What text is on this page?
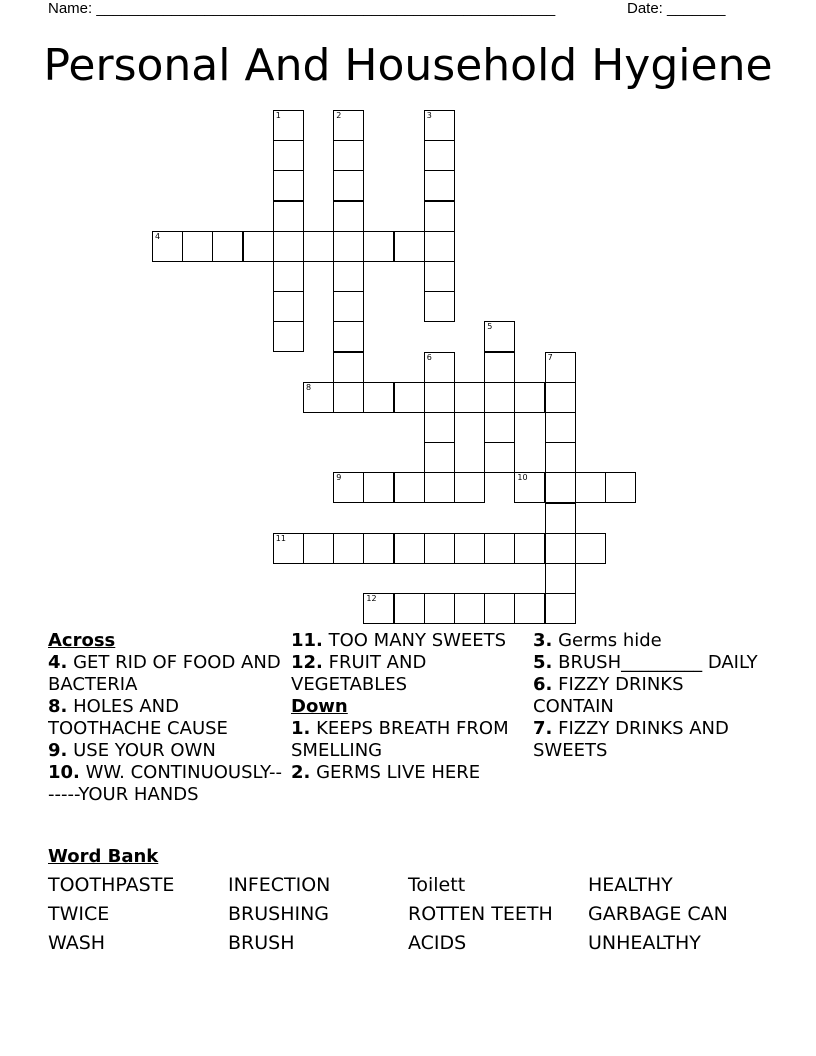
Name: _______________________________________________________	Date: _______
Personal And Household Hygiene
1	2	3
4
5
6	7
8
9	10
11
12
Across
4. GET RID OF FOOD AND BACTERIA
8. HOLES AND TOOTHACHE CAUSE
9. USE YOUR OWN
10. WW. CONTINUOUSLY-------YOUR HANDS
11. TOO MANY SWEETS
12. FRUIT AND VEGETABLES
Down
1. KEEPS BREATH FROM SMELLING
2. GERMS LIVE HERE
3. Germs hide
5. BRUSH_________ DAILY
6. FIZZY DRINKS CONTAIN
7. FIZZY DRINKS AND SWEETS
Word Bank
TOOTHPASTE	INFECTION	Toilett	HEALTHY
TWICE	BRUSHING	ROTTEN TEETH	GARBAGE CAN
WASH	BRUSH	ACIDS	UNHEALTHY
